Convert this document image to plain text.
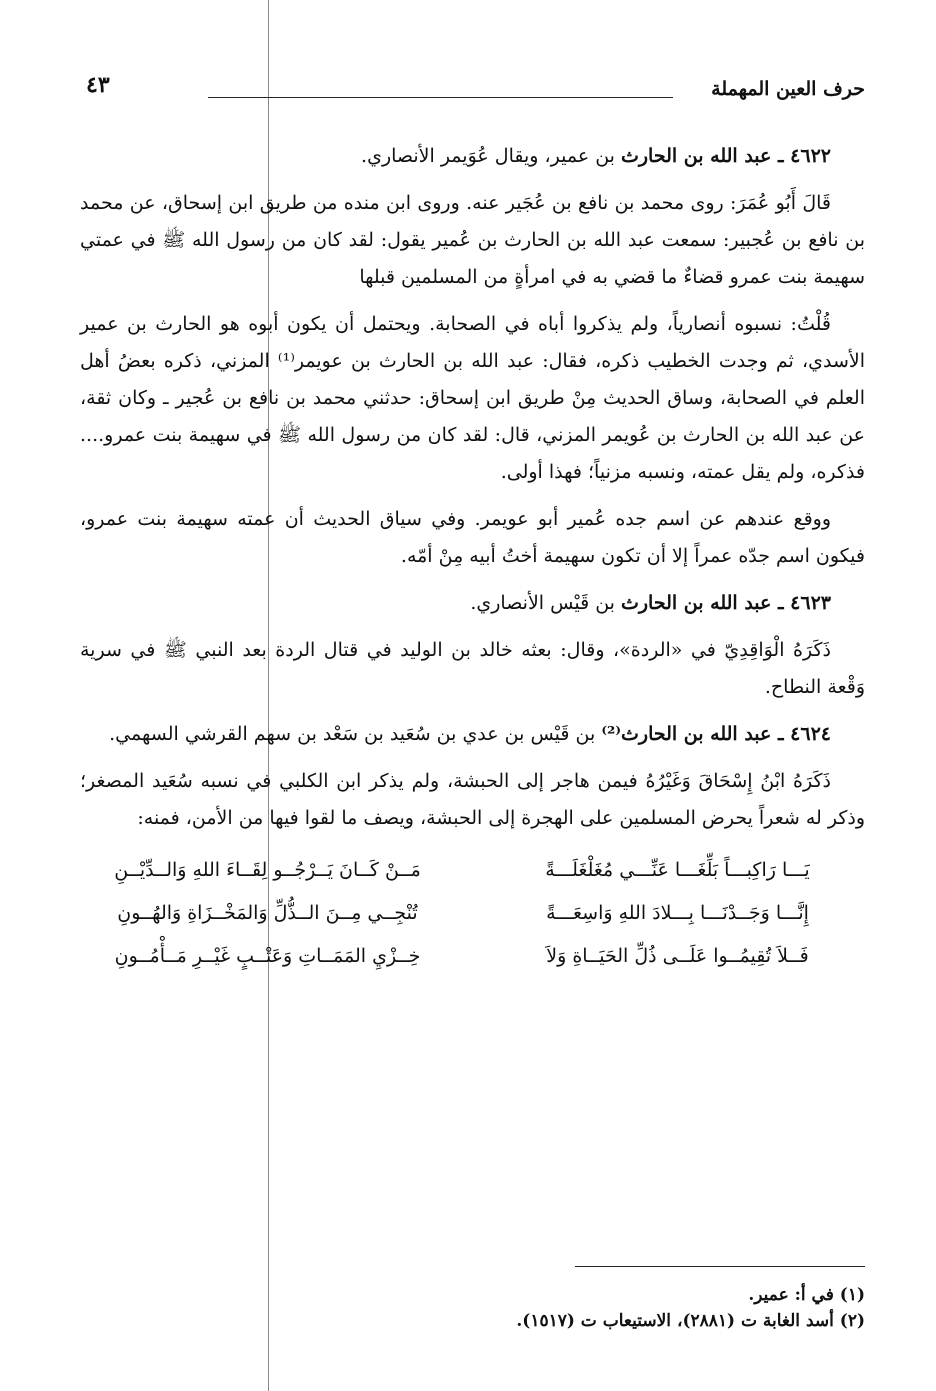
حرف العين المهملة
٤٣

٤٦٢٢ ـ عبد الله بن الحارث بن عمير، ويقال عُوَيمر الأنصاري.

قَالَ أَبُو عُمَرَ: روى محمد بن نافع بن عُجَير عنه. وروى ابن منده من طريق ابن إسحاق، عن محمد بن نافع بن عُجبير: سمعت عبد الله بن الحارث بن عُمير يقول: لقد كان من رسول الله ﷺ في عمتي سهيمة بنت عمرو قضاءٌ ما قضي به في امرأةٍ من المسلمين قبلها

قُلْتُ: نسبوه أنصارياً، ولم يذكروا أباه في الصحابة. ويحتمل أن يكون أبوه هو الحارث بن عمير الأسدي، ثم وجدت الخطيب ذكره، فقال: عبد الله بن الحارث بن عويمر⁽¹⁾ المزني، ذكره بعضُ أهل العلم في الصحابة، وساق الحديث مِنْ طريق ابن إسحاق: حدثني محمد بن نافع بن عُجير ـ وكان ثقة، عن عبد الله بن الحارث بن عُويمر المزني، قال: لقد كان من رسول الله ﷺ في سهيمة بنت عمرو.... فذكره، ولم يقل عمته، ونسبه مزنياً؛ فهذا أولى.

ووقع عندهم عن اسم جده عُمير أبو عويمر. وفي سياق الحديث أن عمته سهيمة بنت عمرو، فيكون اسم جدّه عمراً إلا أن تكون سهيمة أختُ أبيه مِنْ أمّه.

٤٦٢٣ ـ عبد الله بن الحارث بن قَيْس الأنصاري.

ذَكَرَهُ الْوَاقِدِيّ في «الردة»، وقال: بعثه خالد بن الوليد في قتال الردة بعد النبي ﷺ في سرية وَقْعة النطاح.

٤٦٢٤ ـ عبد الله بن الحارث⁽²⁾ بن قَيْس بن عدي بن سُعَيد بن سَعْد بن سهم القرشي السهمي.

ذَكَرَهُ ابْنُ إِسْحَاقَ وَغَيْرُهُ فيمن هاجر إلى الحبشة، ولم يذكر ابن الكلبي في نسبه سُعَيد المصغر؛ وذكر له شعراً يحرض المسلمين على الهجرة إلى الحبشة، ويصف ما لقوا فيها من الأمن، فمنه:

يَـــا رَاكِبـــاً بَلِّغَـــا عَنِّـــي مُغَلْغَلَـــةً
مَــنْ كَــانَ يَــرْجُــو لِقَــاءَ اللهِ وَالــدِّيْــنِ
إِنَّـــا وَجَــدْنَـــا بِـــلادَ اللهِ وَاسِعَـــةً
تُنْجِــي مِــنَ الــذُّلِّ وَالمَخْــزَاةِ وَالهُــونِ
فَــلاَ تُقِيمُــوا عَلَــى ذُلِّ الحَيَــاةِ وَلاَ
خِــزْيِ المَمَــاتِ وَعَتْــبٍ غَيْــرِ مَــأْمُــونِ

(١) في أ: عمير.

(٢) أسد الغابة ت (٢٨٨١)، الاستيعاب ت (١٥١٧).
